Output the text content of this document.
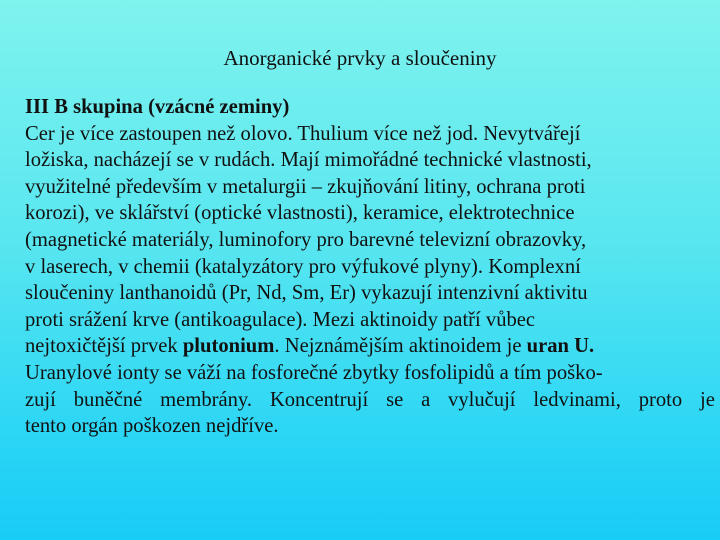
Anorganické prvky a sloučeniny
III B skupina (vzácné zeminy)
Cer je více zastoupen než olovo. Thulium více než jod. Nevytvářejí
ložiska, nacházejí se v rudách. Mají mimořádné technické vlastnosti,
využitelné především v metalurgii – zkujňování litiny, ochrana proti
korozi), ve sklářství (optické vlastnosti), keramice, elektrotechnice
(magnetické materiály, luminofory pro barevné televizní obrazovky,
v laserech, v chemii (katalyzátory pro výfukové plyny). Komplexní
sloučeniny lanthanoidů (Pr, Nd, Sm, Er) vykazují intenzivní aktivitu
proti srážení krve (antikoagulace). Mezi aktinoidy patří vůbec
nejtoxičtější prvek plutonium. Nejznámějším aktinoidem je uran U.
Uranylové ionty se váží na fosforečné zbytky fosfolipidů a tím poško-
zují buněčné membrány. Koncentrují se a vylučují ledvinami, proto je
tento orgán poškozen nejdříve.
